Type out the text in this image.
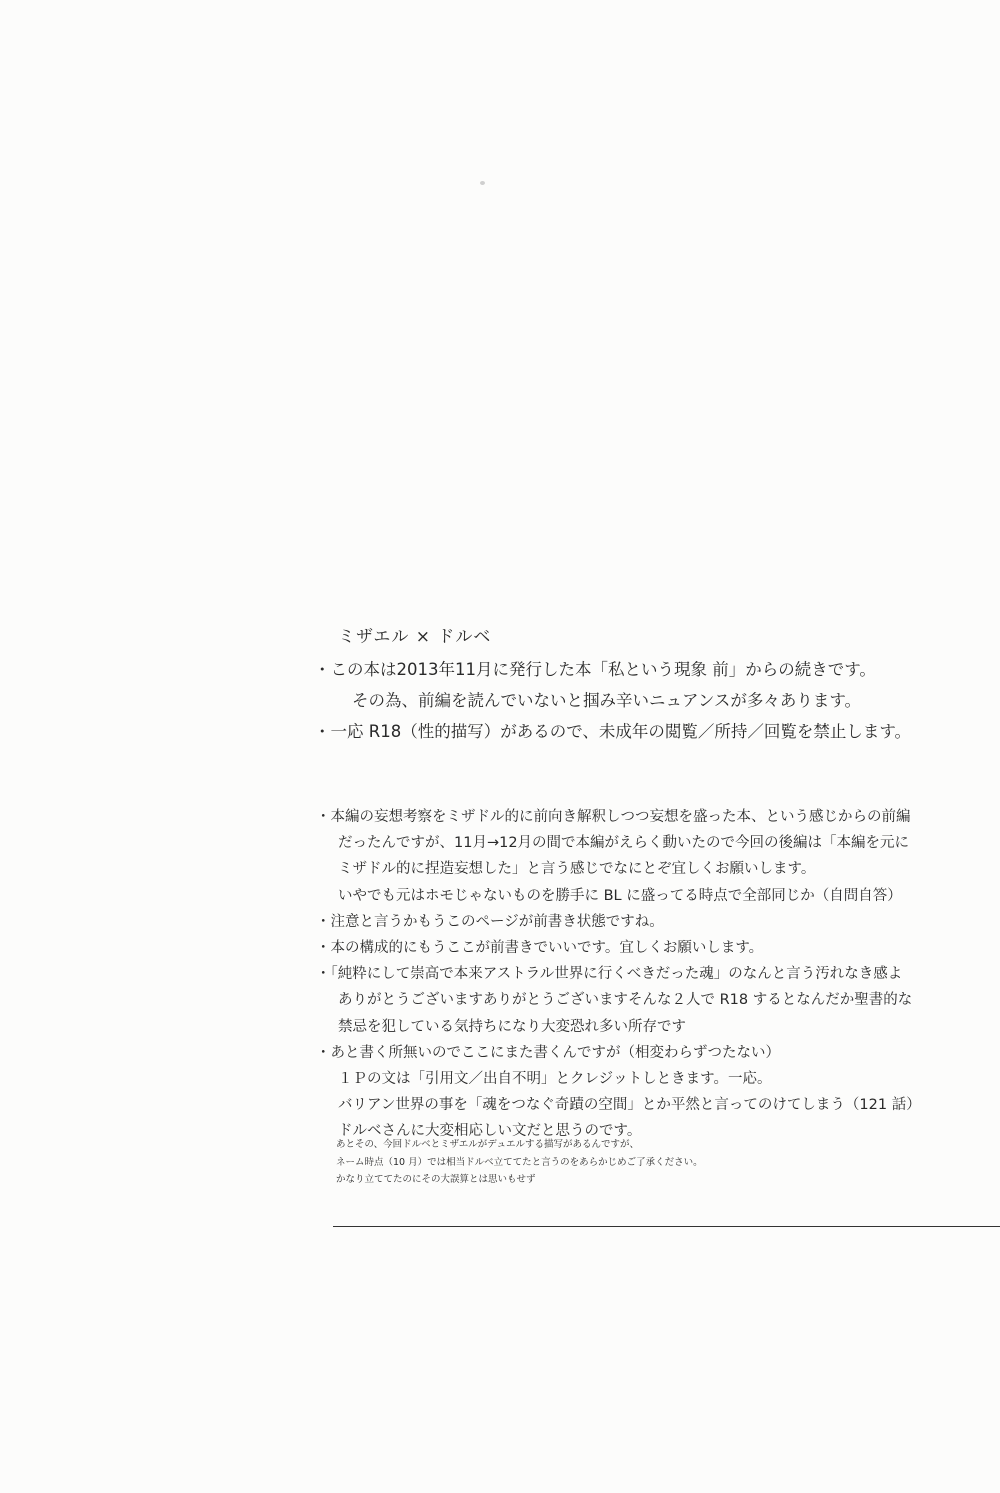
ミザエル × ドルベ
・この本は2013年11月に発行した本「私という現象 前」からの続きです。
その為、前編を読んでいないと掴み辛いニュアンスが多々あります。
・一応 R18（性的描写）があるので、未成年の閲覧／所持／回覧を禁止します。
・本編の妄想考察をミザドル的に前向き解釈しつつ妄想を盛った本、という感じからの前編
だったんですが、11月→12月の間で本編がえらく動いたので今回の後編は「本編を元に
ミザドル的に捏造妄想した」と言う感じでなにとぞ宜しくお願いします。
いやでも元はホモじゃないものを勝手に BL に盛ってる時点で全部同じか（自問自答）
・注意と言うかもうこのページが前書き状態ですね。
・本の構成的にもうここが前書きでいいです。宜しくお願いします。
・「純粋にして崇高で本来アストラル世界に行くべきだった魂」のなんと言う汚れなき感よ
ありがとうございますありがとうございますそんな２人で R18 するとなんだか聖書的な
禁忌を犯している気持ちになり大変恐れ多い所存です
・あと書く所無いのでここにまた書くんですが（相変わらずつたない）
１Ｐの文は「引用文／出自不明」とクレジットしときます。一応。
バリアン世界の事を「魂をつなぐ奇蹟の空間」とか平然と言ってのけてしまう（121 話）
ドルベさんに大変相応しい文だと思うのです。
あとその、今回ドルベとミザエルがデュエルする描写があるんですが、
ネーム時点（10 月）では相当ドルベ立ててたと言うのをあらかじめご了承ください。
かなり立ててたのにその大誤算とは思いもせず
